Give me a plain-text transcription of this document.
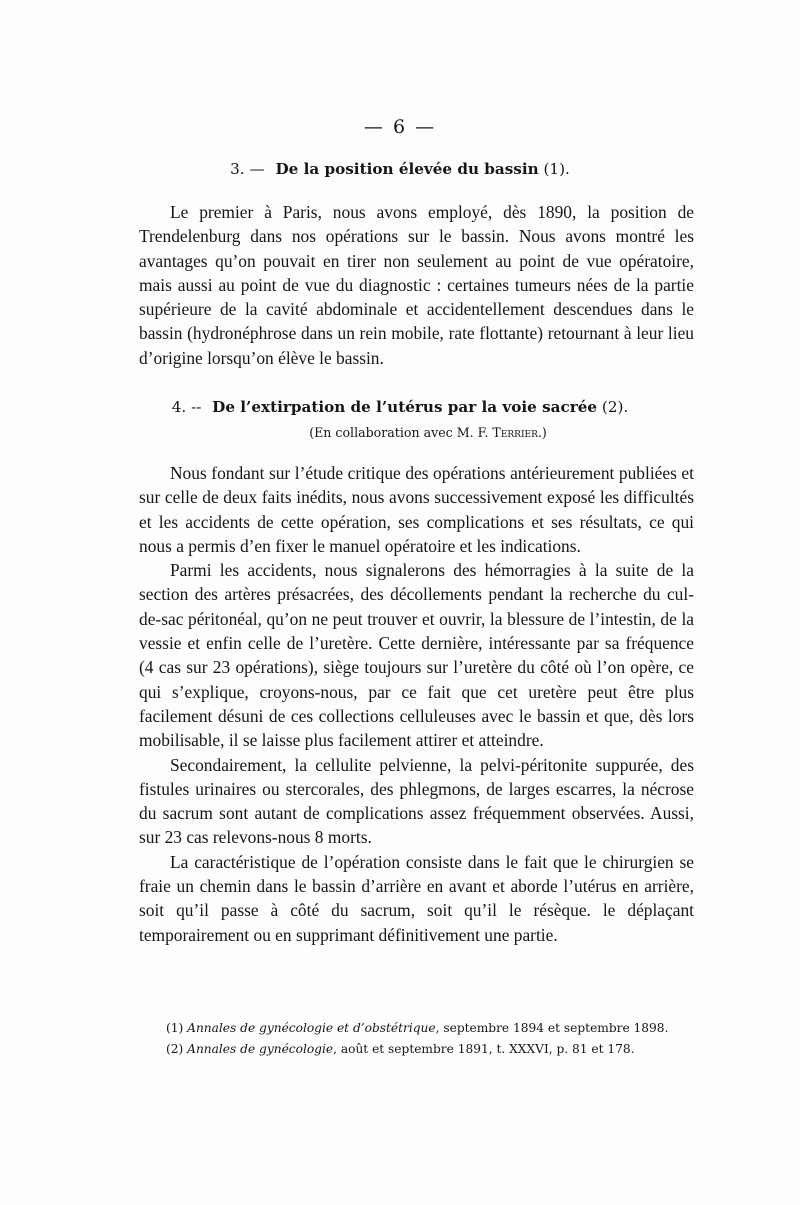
— 6 —
3. — De la position élevée du bassin (1).

Le premier à Paris, nous avons employé, dès 1890, la position de Trendelenburg dans nos opérations sur le bassin. Nous avons montré les avantages qu’on pouvait en tirer non seulement au point de vue opératoire, mais aussi au point de vue du diagnostic : certaines tumeurs nées de la partie supérieure de la cavité abdominale et accidentellement descendues dans le bassin (hydronéphrose dans un rein mobile, rate flottante) retournant à leur lieu d’origine lorsqu’on élève le bassin.

4. -- De l’extirpation de l’utérus par la voie sacrée (2).
(En collaboration avec M. F. Terrier.)

Nous fondant sur l’étude critique des opérations antérieurement publiées et sur celle de deux faits inédits, nous avons successivement exposé les difficultés et les accidents de cette opération, ses complications et ses résultats, ce qui nous a permis d’en fixer le manuel opératoire et les indications.

Parmi les accidents, nous signalerons des hémorragies à la suite de la section des artères présacrées, des décollements pendant la recherche du cul-de-sac péritonéal, qu’on ne peut trouver et ouvrir, la blessure de l’intestin, de la vessie et enfin celle de l’uretère. Cette dernière, intéressante par sa fréquence (4 cas sur 23 opérations), siège toujours sur l’uretère du côté où l’on opère, ce qui s’explique, croyons-nous, par ce fait que cet uretère peut être plus facilement désuni de ces collections celluleuses avec le bassin et que, dès lors mobilisable, il se laisse plus facilement attirer et atteindre.

Secondairement, la cellulite pelvienne, la pelvi-péritonite suppurée, des fistules urinaires ou stercorales, des phlegmons, de larges escarres, la nécrose du sacrum sont autant de complications assez fréquemment observées. Aussi, sur 23 cas relevons-nous 8 morts.

La caractéristique de l’opération consiste dans le fait que le chirurgien se fraie un chemin dans le bassin d’arrière en avant et aborde l’utérus en arrière, soit qu’il passe à côté du sacrum, soit qu’il le résèque. le déplaçant temporairement ou en supprimant définitivement une partie.

(1) Annales de gynécologie et d’obstétrique, septembre 1894 et septembre 1898.
(2) Annales de gynécologie, août et septembre 1891, t. XXXVI, p. 81 et 178.
